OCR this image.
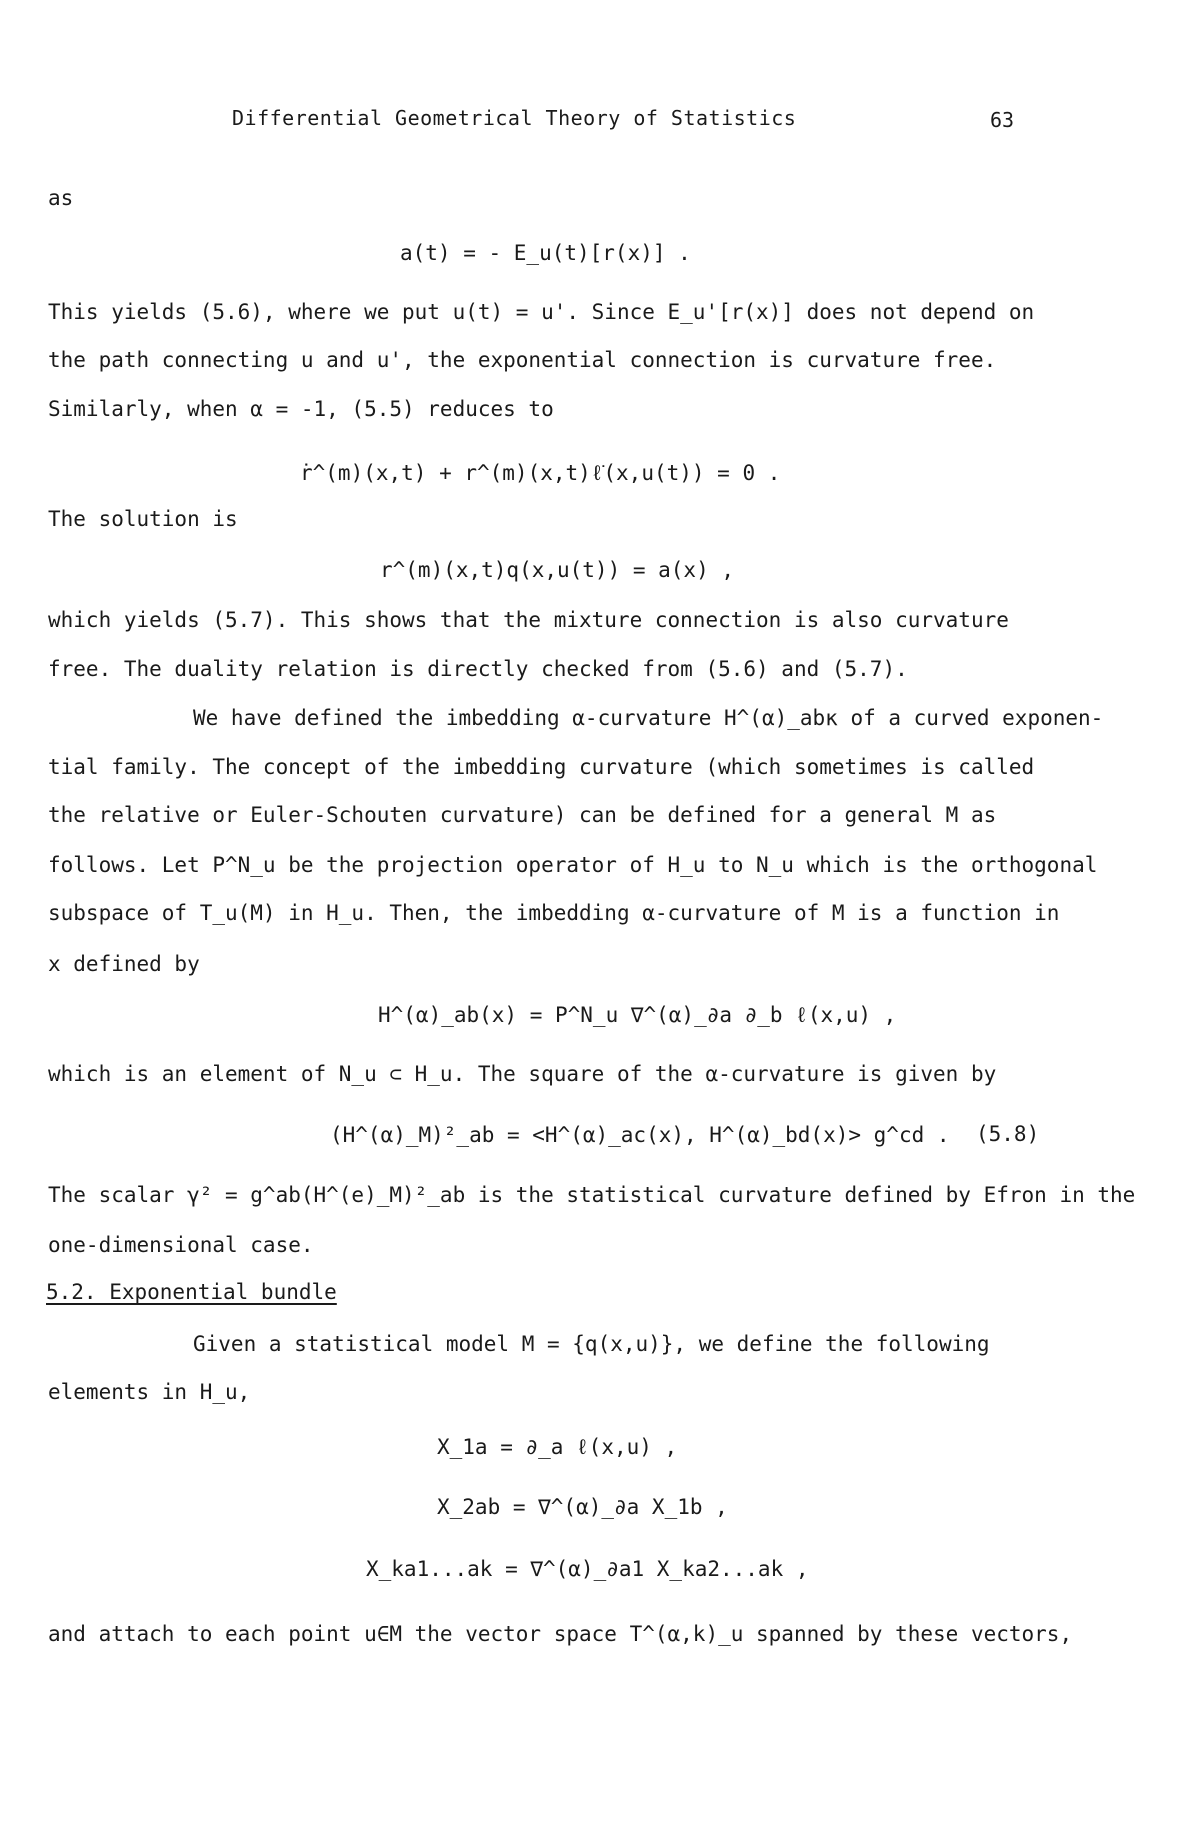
Differential Geometrical Theory of Statistics	63
as
a(t) = - E_u(t)[r(x)] .
This yields (5.6), where we put u(t) = u'. Since E_u'[r(x)] does not depend on
the path connecting u and u', the exponential connection is curvature free.
Similarly, when α = -1, (5.5) reduces to
ṙ^(m)(x,t) + r^(m)(x,t)ℓ̇(x,u(t)) = 0 .
The solution is
r^(m)(x,t)q(x,u(t)) = a(x) ,
which yields (5.7). This shows that the mixture connection is also curvature
free. The duality relation is directly checked from (5.6) and (5.7).
We have defined the imbedding α-curvature H^(α)_abκ of a curved exponen-
tial family. The concept of the imbedding curvature (which sometimes is called
the relative or Euler-Schouten curvature) can be defined for a general M as
follows. Let P^N_u be the projection operator of H_u to N_u which is the orthogonal
subspace of T_u(M) in H_u. Then, the imbedding α-curvature of M is a function in
x defined by
H^(α)_ab(x) = P^N_u ∇^(α)_∂a ∂_b ℓ(x,u) ,
which is an element of N_u ⊂ H_u. The square of the α-curvature is given by
(H^(α)_M)²_ab = <H^(α)_ac(x), H^(α)_bd(x)> g^cd . (5.8)
The scalar γ² = g^ab(H^(e)_M)²_ab is the statistical curvature defined by Efron in the
one-dimensional case.
5.2. Exponential bundle
Given a statistical model M = {q(x,u)}, we define the following
elements in H_u,
X_1a = ∂_a ℓ(x,u) ,
X_2ab = ∇^(α)_∂a X_1b ,
X_ka1...ak = ∇^(α)_∂a1 X_ka2...ak ,
and attach to each point u∈M the vector space T^(α,k)_u spanned by these vectors,
